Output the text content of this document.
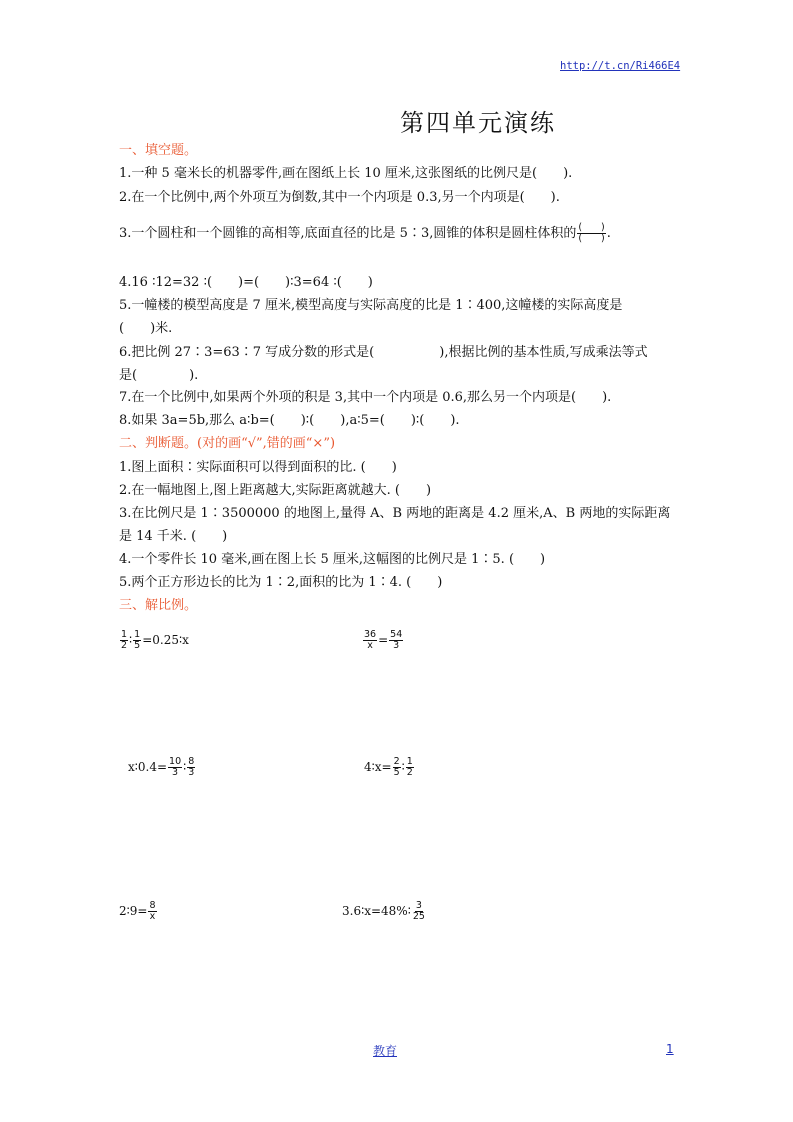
http://t.cn/Ri466E4
第四单元演练
一、填空题。
1.一种 5 毫米长的机器零件,画在图纸上长 10 厘米,这张图纸的比例尺是(　　).
2.在一个比例中,两个外项互为倒数,其中一个内项是 0.3,另一个内项是(　　).
3.一个圆柱和一个圆锥的高相等,底面直径的比是 5∶3,圆锥的体积是圆柱体积的 $\frac{( )}{( )}$ .
4.16 ∶12=32 ∶(　　)=(　　)∶3=64 ∶(　　)
5.一幢楼的模型高度是 7 厘米,模型高度与实际高度的比是 1∶400,这幢楼的实际高度是
(　　)米.
6.把比例 27∶3=63∶7 写成分数的形式是(　　　　　),根据比例的基本性质,写成乘法等式
是(　　　　).
7.在一个比例中,如果两个外项的积是 3,其中一个内项是 0.6,那么另一个内项是(　　).
8.如果 3a=5b,那么 a∶b=(　　)∶(　　),a∶5=(　　)∶(　　).
二、判断题。(对的画“√”,错的画“×”)
1.图上面积∶实际面积可以得到面积的比. (　　)
2.在一幅地图上,图上距离越大,实际距离就越大. (　　)
3.在比例尺是 1∶3500000 的地图上,量得 A、B 两地的距离是 4.2 厘米,A、B 两地的实际距离
是 14 千米. (　　)
4.一个零件长 10 毫米,画在图上长 5 厘米,这幅图的比例尺是 1∶5. (　　)
5.两个正方形边长的比为 1∶2,面积的比为 1∶4. (　　)
三、解比例。
$\frac{1}{2}$ ∶ $\frac{1}{5}$ =0.25∶x	$\frac{36}{x} = \frac{54}{3}$
x∶0.4= $\frac{10}{3}$ ∶ $\frac{8}{3}$	4∶x= $\frac{2}{5}$ ∶ $\frac{1}{2}$
2∶9= $\frac{8}{x}$	3.6∶x=48%∶ $\frac{3}{25}$
教育	1
